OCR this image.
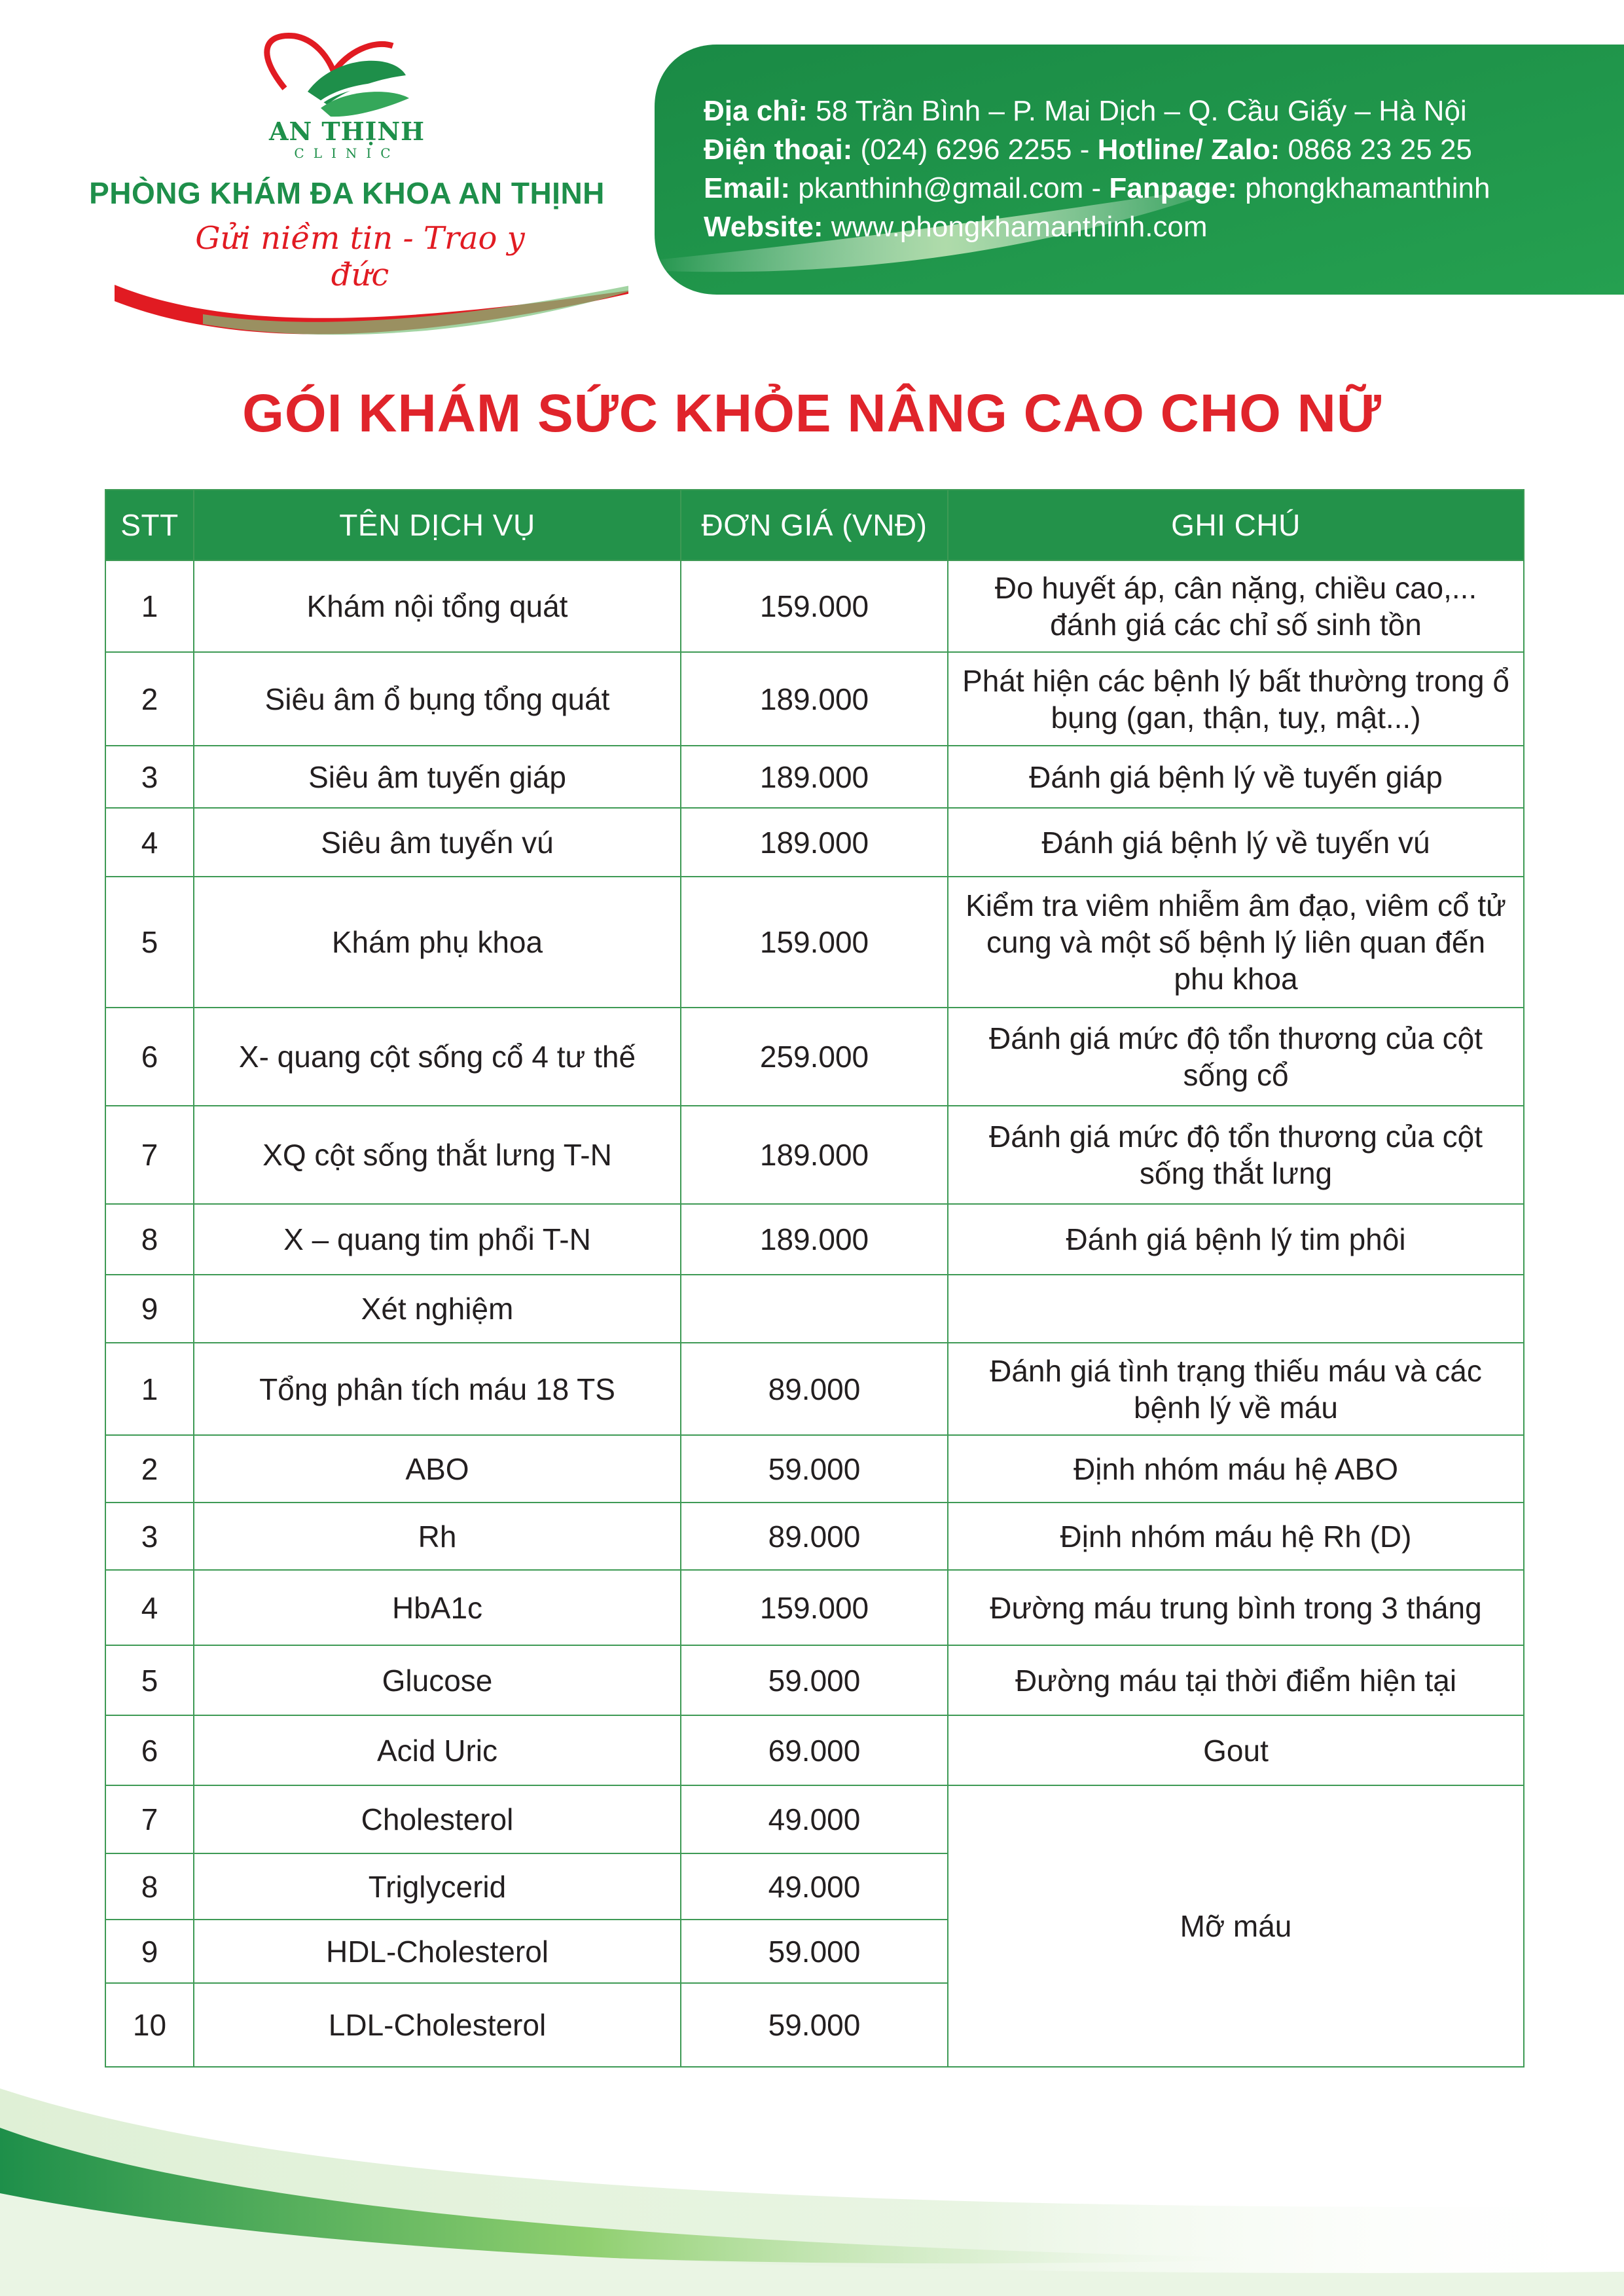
AN THỊNH
CLINIC
PHÒNG KHÁM ĐA KHOA AN THỊNH
Gửi niềm tin - Trao y đức
Địa chỉ: 58 Trần Bình – P. Mai Dịch – Q. Cầu Giấy – Hà Nội
Điện thoại: (024) 6296 2255 - Hotline/ Zalo: 0868 23 25 25
Email: pkanthinh@gmail.com - Fanpage: phongkhamanthinh
Website: www.phongkhamanthinh.com
GÓI KHÁM SỨC KHỎE NÂNG CAO CHO NỮ
STT	TÊN DỊCH VỤ	ĐƠN GIÁ (VNĐ)	GHI CHÚ
1	Khám nội tổng quát	159.000	Đo huyết áp, cân nặng, chiều cao,... đánh giá các chỉ số sinh tồn
2	Siêu âm ổ bụng tổng quát	189.000	Phát hiện các bệnh lý bất thường trong ổ bụng (gan, thận, tuỵ, mật...)
3	Siêu âm tuyến giáp	189.000	Đánh giá bệnh lý về tuyến giáp
4	Siêu âm tuyến vú	189.000	Đánh giá bệnh lý về tuyến vú
5	Khám phụ khoa	159.000	Kiểm tra viêm nhiễm âm đạo, viêm cổ tử cung và một số bệnh lý liên quan đến phu khoa
6	X- quang cột sống cổ 4 tư thế	259.000	Đánh giá mức độ tổn thương của cột sống cổ
7	XQ cột sống thắt lưng T-N	189.000	Đánh giá mức độ tổn thương của cột sống thắt lưng
8	X – quang tim phổi T-N	189.000	Đánh giá bệnh lý tim phôi
9	Xét nghiệm		
1	Tổng phân tích máu 18 TS	89.000	Đánh giá tình trạng thiếu máu và các bệnh lý về máu
2	ABO	59.000	Định nhóm máu hệ ABO
3	Rh	89.000	Định nhóm máu hệ Rh (D)
4	HbA1c	159.000	Đường máu trung bình trong 3 tháng
5	Glucose	59.000	Đường máu tại thời điểm hiện tại
6	Acid Uric	69.000	Gout
7	Cholesterol	49.000	Mỡ máu
8	Triglycerid	49.000	
9	HDL-Cholesterol	59.000	
10	LDL-Cholesterol	59.000	
